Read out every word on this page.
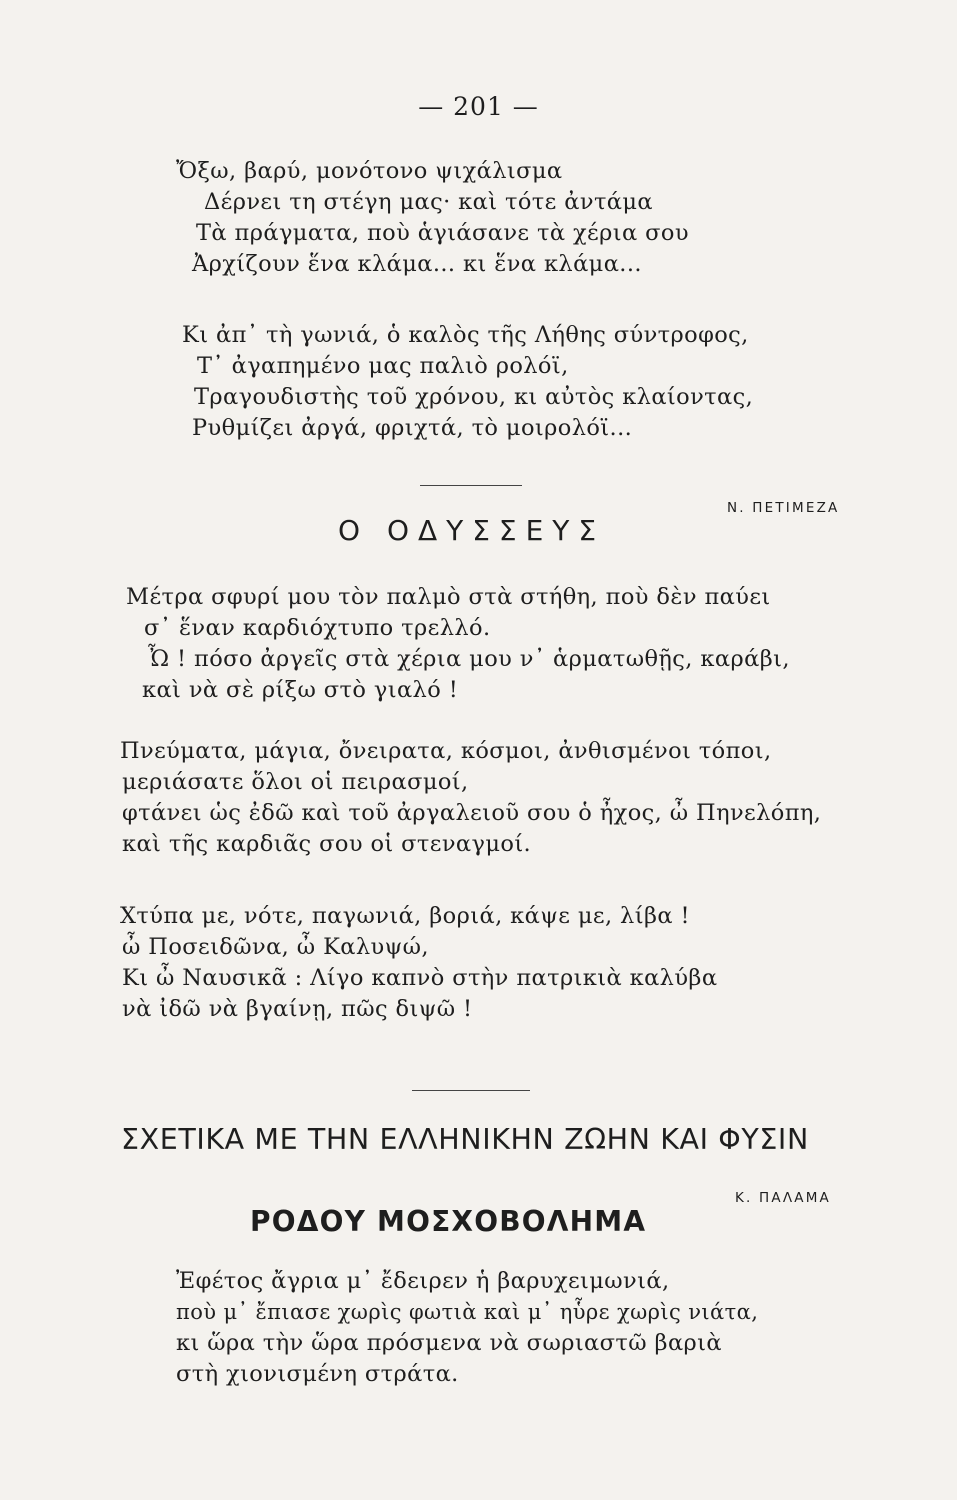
— 201 —
Ὄξω, βαρύ, μονότονο ψιχάλισμα
Δέρνει τη στέγη μας· καὶ τότε ἀντάμα
Τὰ πράγματα, ποὺ ἁγιάσανε τὰ χέρια σου
Ἀρχίζουν ἕνα κλάμα... κι ἕνα κλάμα...
Κι ἀπ᾿ τὴ γωνιά, ὁ καλὸς τῆς Λήθης σύντροφος,
Τ᾿ ἀγαπημένο μας παλιὸ ρολόϊ,
Τραγουδιστὴς τοῦ χρόνου, κι αὐτὸς κλαίοντας,
Ρυθμίζει ἀργά, φριχτά, τὸ μοιρολόϊ...
Ν. ΠΕΤΙΜΕΖΑ
Ο ΟΔΥΣΣΕΥΣ
Μέτρα σφυρί μου τὸν παλμὸ στὰ στήθη, ποὺ δὲν παύει
σ᾿ ἕναν καρδιόχτυπο τρελλό.
Ὦ ! πόσο ἀργεῖς στὰ χέρια μου ν᾿ ἁρματωθῇς, καράβι,
καὶ νὰ σὲ ρίξω στὸ γιαλό !
Πνεύματα, μάγια, ὄνειρατα, κόσμοι, ἀνθισμένοι τόποι,
μεριάσατε ὅλοι οἱ πειρασμοί,
φτάνει ὡς ἐδῶ καὶ τοῦ ἀργαλειοῦ σου ὁ ἦχος, ὦ Πηνελόπη,
καὶ τῆς καρδιᾶς σου οἱ στεναγμοί.
Χτύπα με, νότε, παγωνιά, βοριά, κάψε με, λίβα !
ὦ Ποσειδῶνα, ὦ Καλυψώ,
Κι ὦ Ναυσικᾶ : Λίγο καπνὸ στὴν πατρικιὰ καλύβα
νὰ ἰδῶ νὰ βγαίνῃ, πῶς διψῶ !
ΣΧΕΤΙΚΑ ΜΕ ΤΗΝ ΕΛΛΗΝΙΚΗΝ ΖΩΗΝ ΚΑΙ ΦΥΣΙΝ
Κ. ΠΑΛΑΜΑ
ΡΟΔΟΥ ΜΟΣΧΟΒΟΛΗΜΑ
Ἐφέτος ἄγρια μ᾿ ἔδειρεν ἡ βαρυχειμωνιά,
ποὺ μ᾿ ἔπιασε χωρὶς φωτιὰ καὶ μ᾿ ηὗρε χωρὶς νιάτα,
κι ὥρα τὴν ὥρα πρόσμενα νὰ σωριαστῶ βαριὰ
στὴ χιονισμένη στράτα.
